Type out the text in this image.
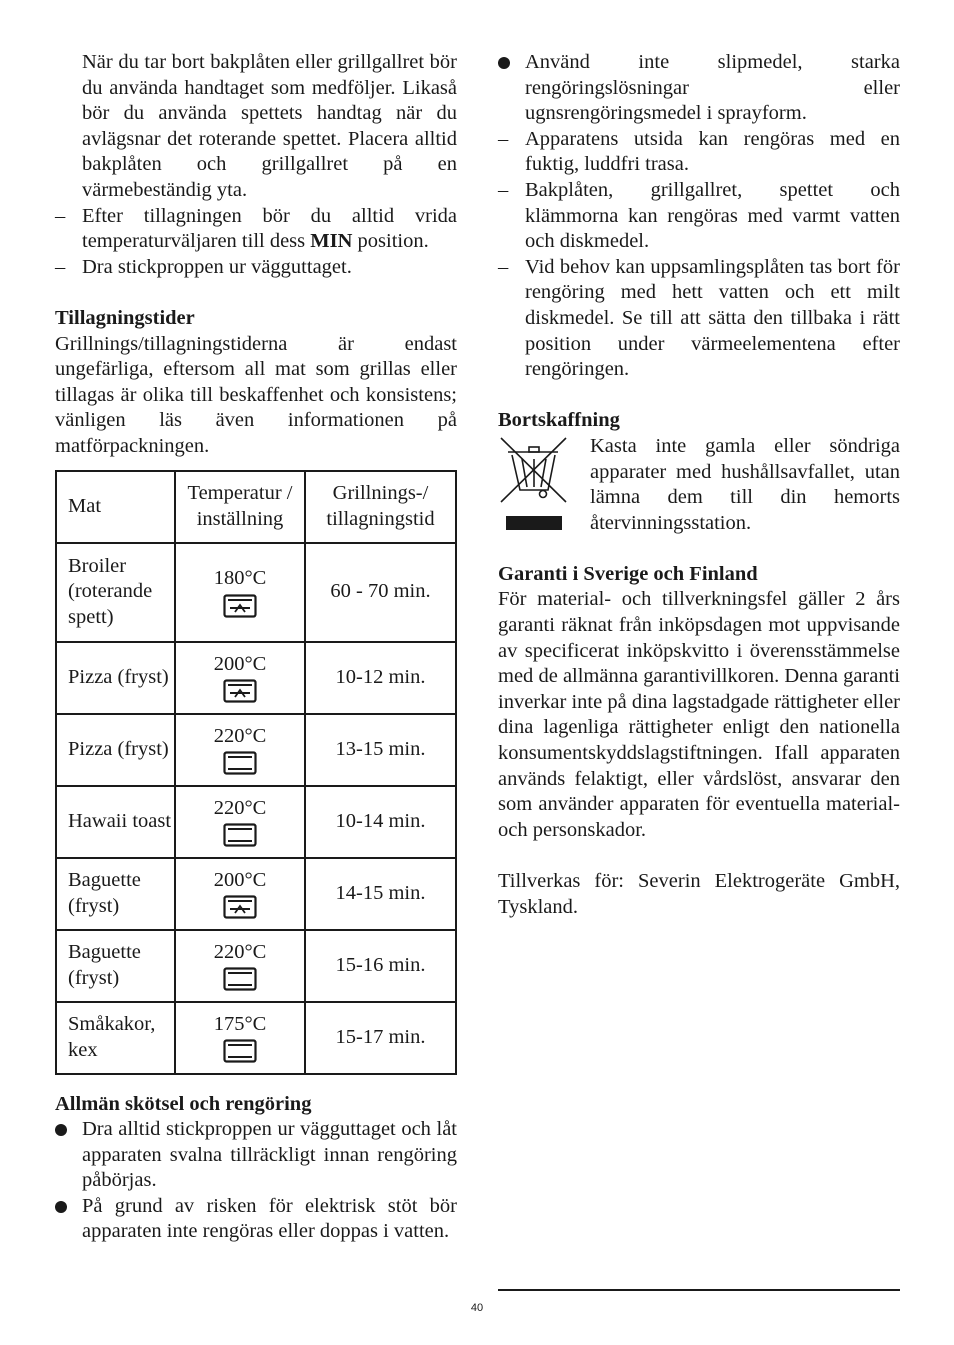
När du tar bort bakplåten eller grillgallret bör du använda handtaget som medföljer. Likaså bör du använda spettets handtag när du avlägsnar det roterande spettet. Placera alltid bakplåten och grillgallret på en värmebeständig yta.

– Efter tillagningen bör du alltid vrida temperaturväljaren till dess MIN position.
– Dra stickproppen ur vägguttaget.
Tillagningstider

Grillnings/tillagningstiderna är endast ungefärliga, eftersom all mat som grillas eller tillagas är olika till beskaffenhet och konsistens; vänligen läs även informationen på matförpackningen.

Mat	Temperatur / inställning	Grillnings-/ tillagningstid
Broiler (roterande spett)	180°C	60 - 70 min.
Pizza (fryst)	200°C	10-12 min.
Pizza (fryst)	220°C	13-15 min.
Hawaii toast	220°C	10-14 min.
Baguette (fryst)	200°C	14-15 min.
Baguette (fryst)	220°C	15-16 min.
Småkakor, kex	175°C	15-17 min.
Allmän skötsel och rengöring
Dra alltid stickproppen ur vägguttaget och låt apparaten svalna tillräckligt innan rengöring påbörjas.
På grund av risken för elektrisk stöt bör apparaten inte rengöras eller doppas i vatten.
Använd inte slipmedel, starka rengöringslösningar eller ugnsrengöringsmedel i sprayform.
– Apparatens utsida kan rengöras med en fuktig, luddfri trasa.
– Bakplåten, grillgallret, spettet och klämmorna kan rengöras med varmt vatten och diskmedel.
– Vid behov kan uppsamlingsplåten tas bort för rengöring med hett vatten och ett milt diskmedel. Se till att sätta den tillbaka i rätt position under värmeelementena efter rengöringen.
Bortskaffning

Kasta inte gamla eller söndriga apparater med hushållsavfallet, utan lämna dem till din hemorts återvinningsstation.

Garanti i Sverige och Finland

För material- och tillverkningsfel gäller 2 års garanti räknat från inköpsdagen mot uppvisande av specificerat inköpskvitto i överensstämmelse med de allmänna garantivillkoren. Denna garanti inverkar inte på dina lagstadgade rättigheter eller dina lagenliga rättigheter enligt den nationella konsumentskyddslagstiftningen. Ifall apparaten används felaktigt, eller vårdslöst, ansvarar den som använder apparaten för eventuella material- och personskador.

Tillverkas för: Severin Elektrogeräte GmbH, Tyskland.

40
